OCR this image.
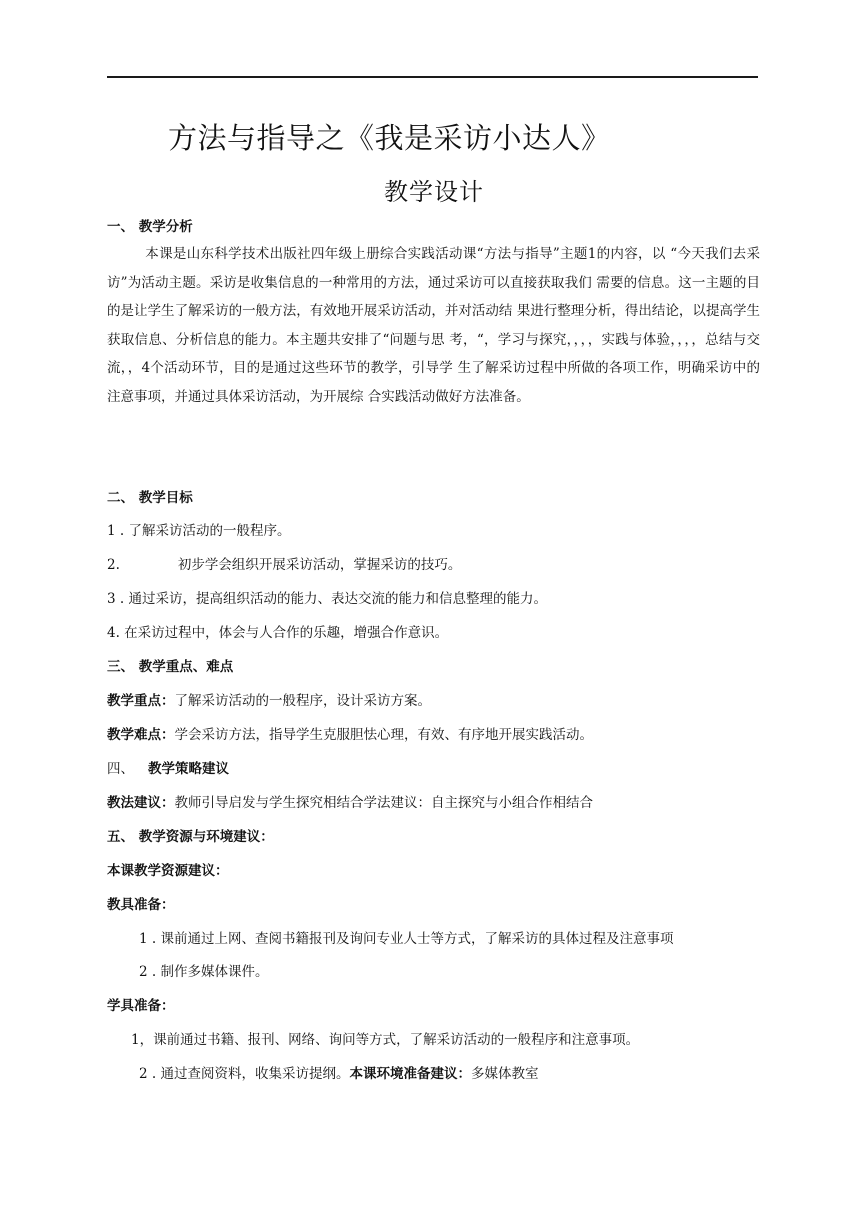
方法与指导之《我是采访小达人》
教学设计
一、 教学分析
本课是山东科学技术出版社四年级上册综合实践活动课“方法与指导”主题1的内容，以 “今天我们去采访”为活动主题。采访是收集信息的一种常用的方法，通过采访可以直接获取我们 需要的信息。这一主题的目的是让学生了解采访的一般方法，有效地开展采访活动，并对活动结 果进行整理分析，得出结论，以提高学生获取信息、分析信息的能力。本主题共安排了“问题与思 考，“，学习与探究，，，，实践与体验，，，，总结与交流，，4个活动环节，目的是通过这些环节的教学，引导学 生了解采访过程中所做的各项工作，明确采访中的注意事项，并通过具体采访活动，为开展综 合实践活动做好方法准备。
二、 教学目标
1 . 了解采访活动的一般程序。
2.	初步学会组织开展采访活动，掌握采访的技巧。
3 . 通过采访，提高组织活动的能力、表达交流的能力和信息整理的能力。
4. 在采访过程中，体会与人合作的乐趣，增强合作意识。
三、 教学重点、难点
教学重点：了解采访活动的一般程序，设计采访方案。
教学难点：学会采访方法，指导学生克服胆怯心理，有效、有序地开展实践活动。
四、 教学策略建议
教法建议：教师引导启发与学生探究相结合学法建议：自主探究与小组合作相结合
五、 教学资源与环境建议：
本课教学资源建议：
教具准备：
1 . 课前通过上网、查阅书籍报刊及询问专业人士等方式，了解采访的具体过程及注意事项
2 . 制作多媒体课件。
学具准备：
1，课前通过书籍、报刊、网络、询问等方式，了解采访活动的一般程序和注意事项。
2 . 通过查阅资料，收集采访提纲。本课环境准备建议：多媒体教室
